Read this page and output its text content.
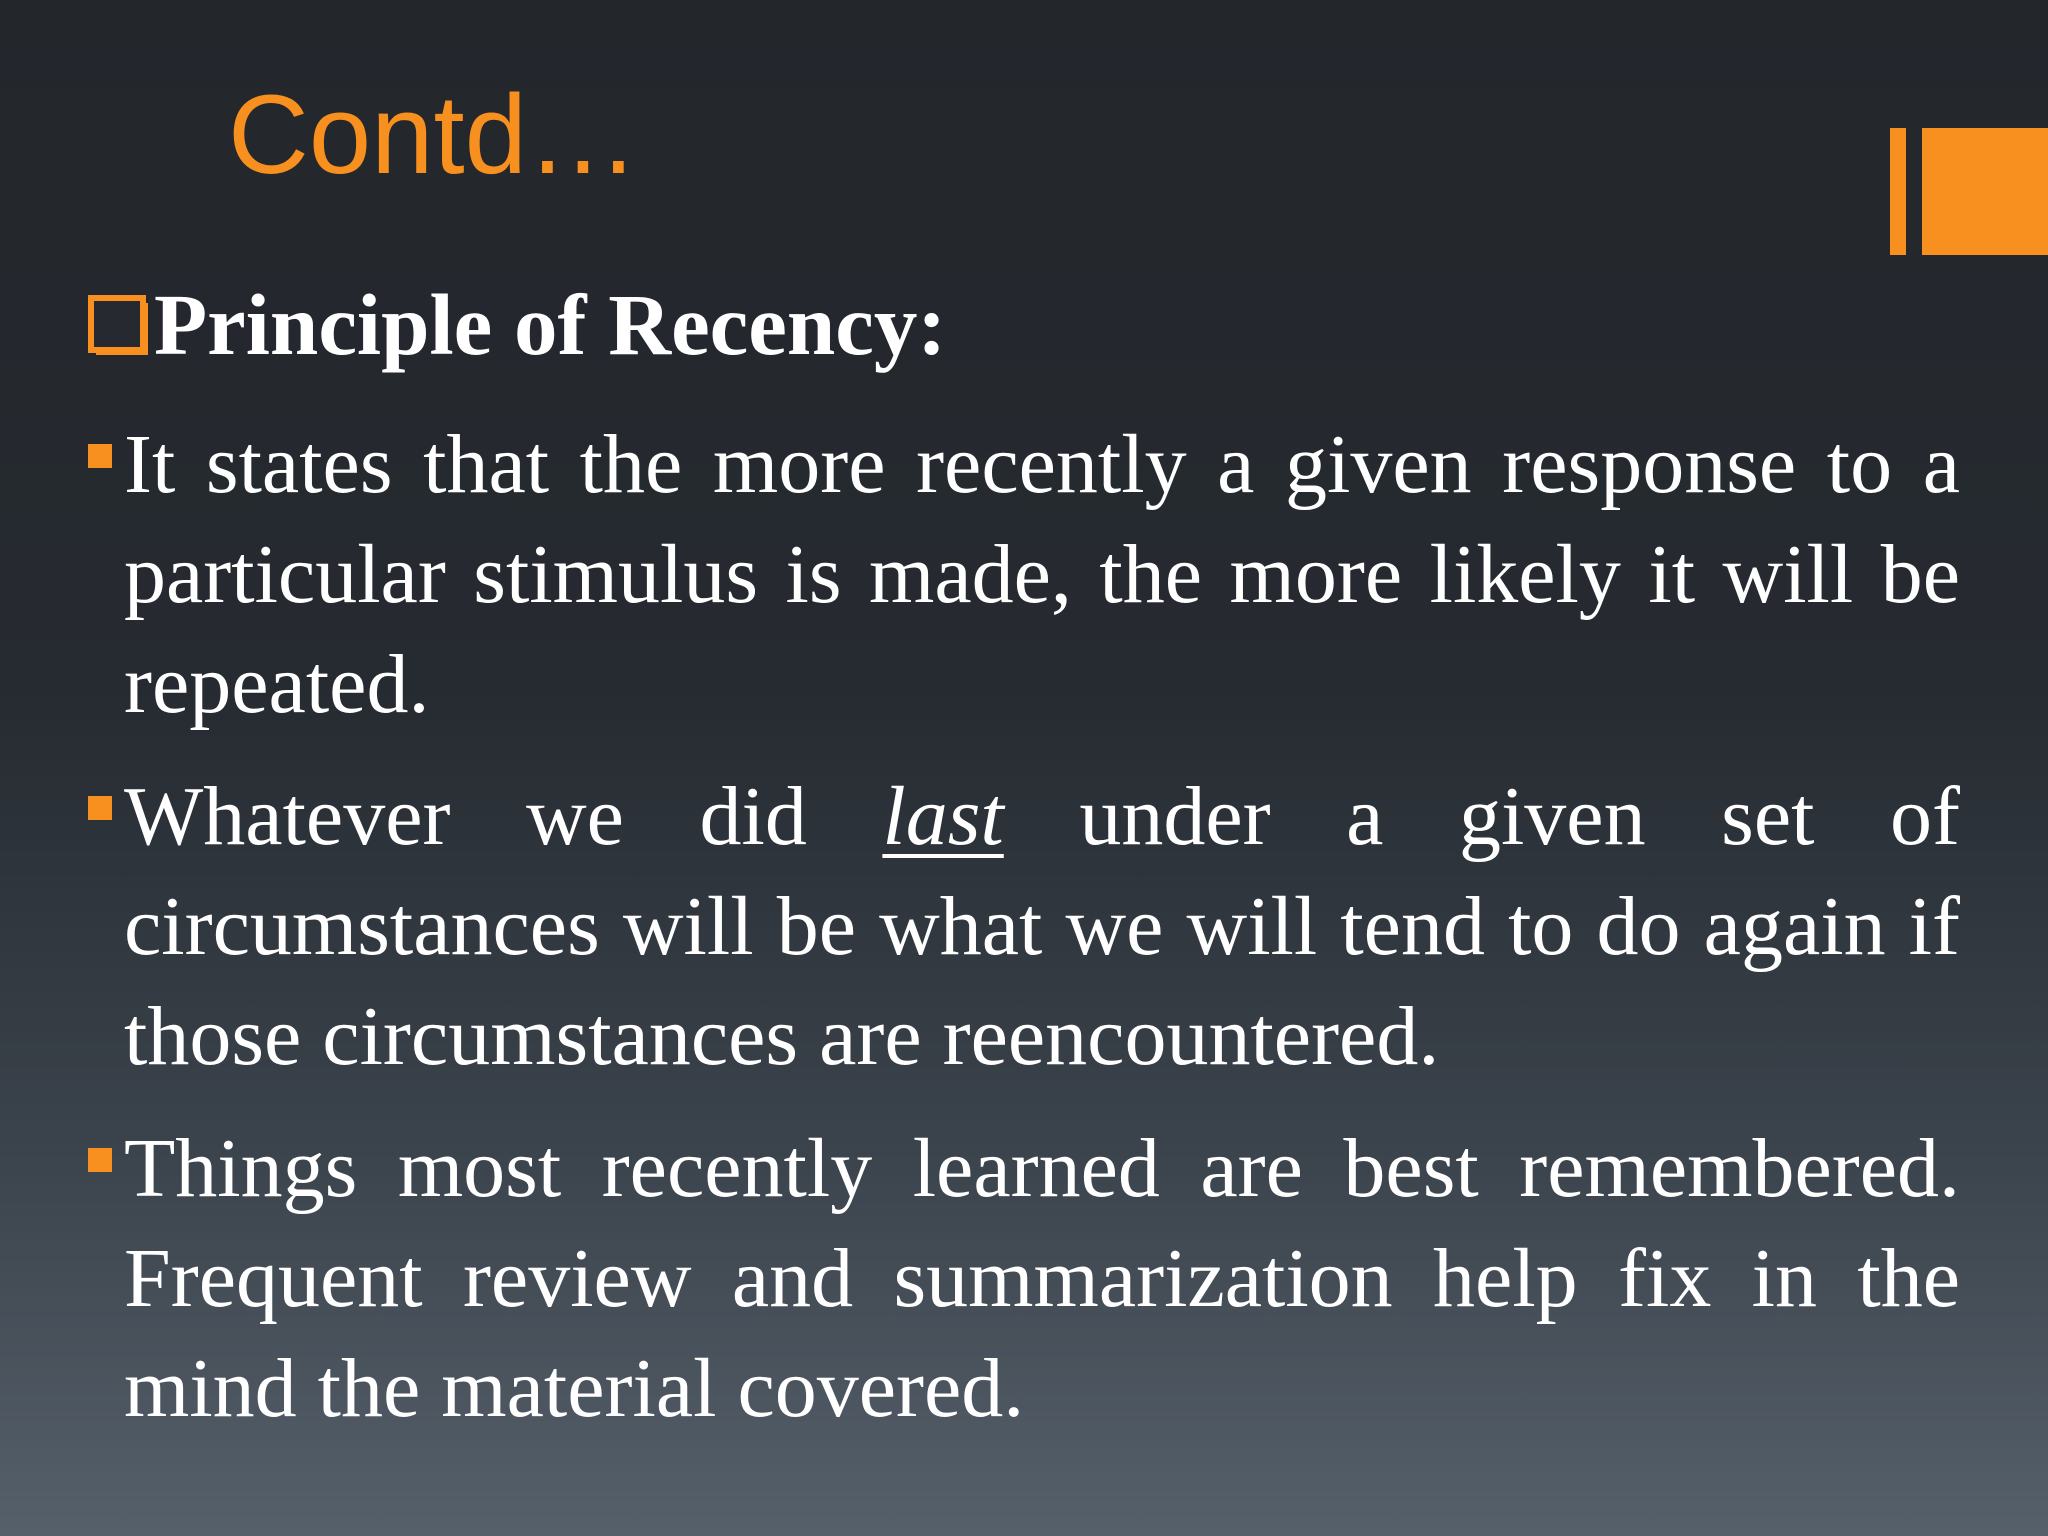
Contd…
Principle of Recency:
It states that the more recently a given response to a particular stimulus is made, the more likely it will be repeated.
Whatever we did last under a given set of circumstances will be what we will tend to do again if those circumstances are reencountered.
Things most recently learned are best remembered. Frequent review and summarization help fix in the mind the material covered.
